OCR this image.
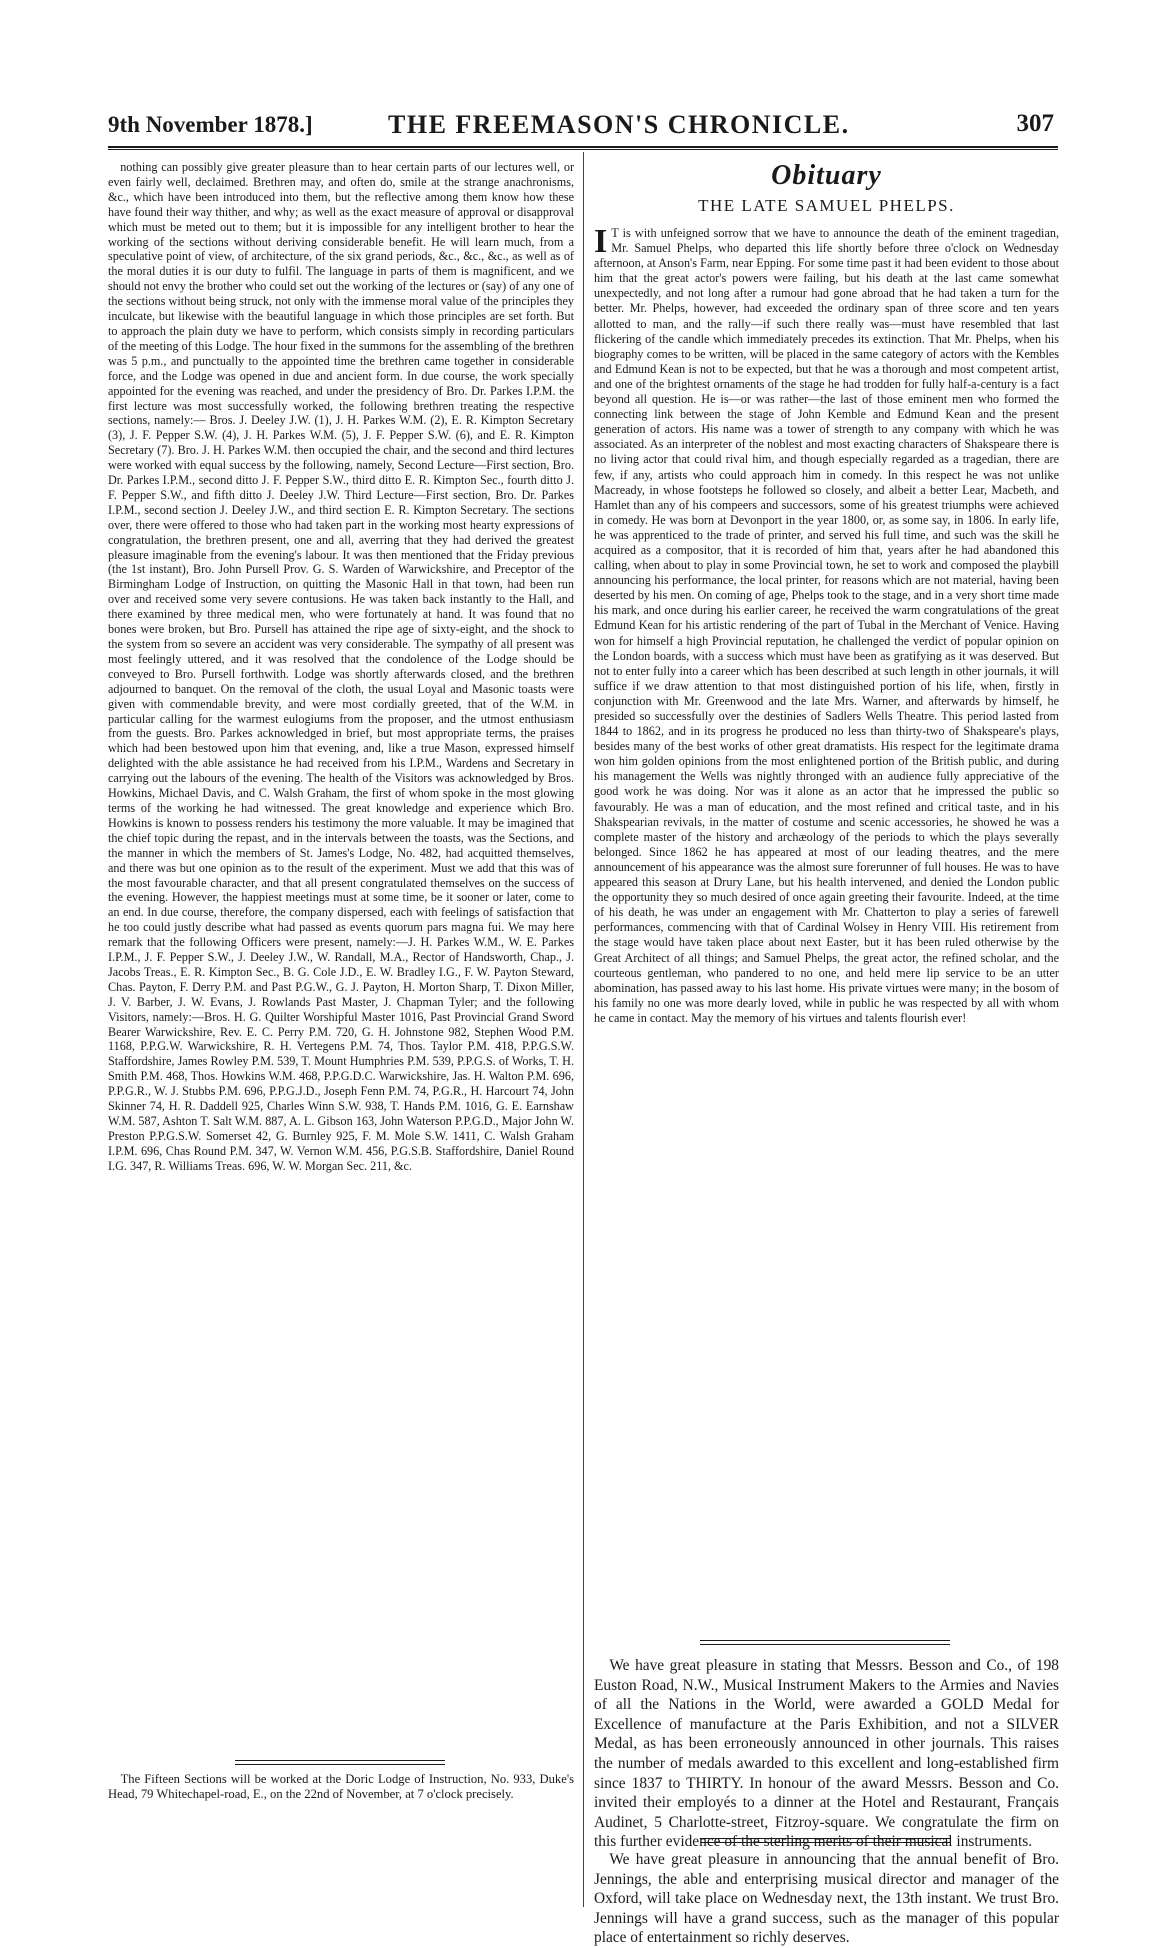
9th November 1878.]	THE FREEMASON'S CHRONICLE.	307

nothing can possibly give greater pleasure than to hear certain parts of our lectures well, or even fairly well, declaimed. Brethren may, and often do, smile at the strange anachronisms, &c., which have been introduced into them, but the reflective among them know how these have found their way thither, and why; as well as the exact measure of approval or disapproval which must be meted out to them; but it is impossible for any intelligent brother to hear the working of the sections without deriving considerable benefit. He will learn much, from a speculative point of view, of architecture, of the six grand periods, &c., &c., &c., as well as of the moral duties it is our duty to fulfil. The language in parts of them is magnificent, and we should not envy the brother who could set out the working of the lectures or (say) of any one of the sections without being struck, not only with the immense moral value of the principles they inculcate, but likewise with the beautiful language in which those principles are set forth. But to approach the plain duty we have to perform, which consists simply in recording particulars of the meeting of this Lodge. The hour fixed in the summons for the assembling of the brethren was 5 p.m., and punctually to the appointed time the brethren came together in considerable force, and the Lodge was opened in due and ancient form. In due course, the work specially appointed for the evening was reached, and under the presidency of Bro. Dr. Parkes I.P.M. the first lecture was most successfully worked, the following brethren treating the respective sections, namely:— Bros. J. Deeley J.W. (1), J. H. Parkes W.M. (2), E. R. Kimpton Secretary (3), J. F. Pepper S.W. (4), J. H. Parkes W.M. (5), J. F. Pepper S.W. (6), and E. R. Kimpton Secretary (7). Bro. J. H. Parkes W.M. then occupied the chair, and the second and third lectures were worked with equal success by the following, namely, Second Lecture—First section, Bro. Dr. Parkes I.P.M., second ditto J. F. Pepper S.W., third ditto E. R. Kimpton Sec., fourth ditto J. F. Pepper S.W., and fifth ditto J. Deeley J.W. Third Lecture—First section, Bro. Dr. Parkes I.P.M., second section J. Deeley J.W., and third section E. R. Kimpton Secretary. The sections over, there were offered to those who had taken part in the working most hearty expressions of congratulation, the brethren present, one and all, averring that they had derived the greatest pleasure imaginable from the evening's labour. It was then mentioned that the Friday previous (the 1st instant), Bro. John Pursell Prov. G. S. Warden of Warwickshire, and Preceptor of the Birmingham Lodge of Instruction, on quitting the Masonic Hall in that town, had been run over and received some very severe contusions. He was taken back instantly to the Hall, and there examined by three medical men, who were fortunately at hand. It was found that no bones were broken, but Bro. Pursell has attained the ripe age of sixty-eight, and the shock to the system from so severe an accident was very considerable. The sympathy of all present was most feelingly uttered, and it was resolved that the condolence of the Lodge should be conveyed to Bro. Pursell forthwith. Lodge was shortly afterwards closed, and the brethren adjourned to banquet. On the removal of the cloth, the usual Loyal and Masonic toasts were given with commendable brevity, and were most cordially greeted, that of the W.M. in particular calling for the warmest eulogiums from the proposer, and the utmost enthusiasm from the guests. Bro. Parkes acknowledged in brief, but most appropriate terms, the praises which had been bestowed upon him that evening, and, like a true Mason, expressed himself delighted with the able assistance he had received from his I.P.M., Wardens and Secretary in carrying out the labours of the evening. The health of the Visitors was acknowledged by Bros. Howkins, Michael Davis, and C. Walsh Graham, the first of whom spoke in the most glowing terms of the working he had witnessed. The great knowledge and experience which Bro. Howkins is known to possess renders his testimony the more valuable. It may be imagined that the chief topic during the repast, and in the intervals between the toasts, was the Sections, and the manner in which the members of St. James's Lodge, No. 482, had acquitted themselves, and there was but one opinion as to the result of the experiment. Must we add that this was of the most favourable character, and that all present congratulated themselves on the success of the evening. However, the happiest meetings must at some time, be it sooner or later, come to an end. In due course, therefore, the company dispersed, each with feelings of satisfaction that he too could justly describe what had passed as events quorum pars magna fui. We may here remark that the following Officers were present, namely:—J. H. Parkes W.M., W. E. Parkes I.P.M., J. F. Pepper S.W., J. Deeley J.W., W. Randall, M.A., Rector of Handsworth, Chap., J. Jacobs Treas., E. R. Kimpton Sec., B. G. Cole J.D., E. W. Bradley I.G., F. W. Payton Steward, Chas. Payton, F. Derry P.M. and Past P.G.W., G. J. Payton, H. Morton Sharp, T. Dixon Miller, J. V. Barber, J. W. Evans, J. Rowlands Past Master, J. Chapman Tyler; and the following Visitors, namely:—Bros. H. G. Quilter Worshipful Master 1016, Past Provincial Grand Sword Bearer Warwickshire, Rev. E. C. Perry P.M. 720, G. H. Johnstone 982, Stephen Wood P.M. 1168, P.P.G.W. Warwickshire, R. H. Vertegens P.M. 74, Thos. Taylor P.M. 418, P.P.G.S.W. Staffordshire, James Rowley P.M. 539, T. Mount Humphries P.M. 539, P.P.G.S. of Works, T. H. Smith P.M. 468, Thos. Howkins W.M. 468, P.P.G.D.C. Warwickshire, Jas. H. Walton P.M. 696, P.P.G.R., W. J. Stubbs P.M. 696, P.P.G.J.D., Joseph Fenn P.M. 74, P.G.R., H. Harcourt 74, John Skinner 74, H. R. Daddell 925, Charles Winn S.W. 938, T. Hands P.M. 1016, G. E. Earnshaw W.M. 587, Ashton T. Salt W.M. 887, A. L. Gibson 163, John Waterson P.P.G.D., Major John W. Preston P.P.G.S.W. Somerset 42, G. Burnley 925, F. M. Mole S.W. 1411, C. Walsh Graham I.P.M. 696, Chas Round P.M. 347, W. Vernon W.M. 456, P.G.S.B. Staffordshire, Daniel Round I.G. 347, R. Williams Treas. 696, W. W. Morgan Sec. 211, &c.

The Fifteen Sections will be worked at the Doric Lodge of Instruction, No. 933, Duke's Head, 79 Whitechapel-road, E., on the 22nd of November, at 7 o'clock precisely.

Obituary
THE LATE SAMUEL PHELPS.

I T is with unfeigned sorrow that we have to announce the death of the eminent tragedian, Mr. Samuel Phelps, who departed this life shortly before three o'clock on Wednesday afternoon, at Anson's Farm, near Epping. For some time past it had been evident to those about him that the great actor's powers were failing, but his death at the last came somewhat unexpectedly, and not long after a rumour had gone abroad that he had taken a turn for the better. Mr. Phelps, however, had exceeded the ordinary span of three score and ten years allotted to man, and the rally—if such there really was—must have resembled that last flickering of the candle which immediately precedes its extinction. That Mr. Phelps, when his biography comes to be written, will be placed in the same category of actors with the Kembles and Edmund Kean is not to be expected, but that he was a thorough and most competent artist, and one of the brightest ornaments of the stage he had trodden for fully half-a-century is a fact beyond all question. He is—or was rather—the last of those eminent men who formed the connecting link between the stage of John Kemble and Edmund Kean and the present generation of actors. His name was a tower of strength to any company with which he was associated. As an interpreter of the noblest and most exacting characters of Shakspeare there is no living actor that could rival him, and though especially regarded as a tragedian, there are few, if any, artists who could approach him in comedy. In this respect he was not unlike Macready, in whose footsteps he followed so closely, and albeit a better Lear, Macbeth, and Hamlet than any of his compeers and successors, some of his greatest triumphs were achieved in comedy. He was born at Devonport in the year 1800, or, as some say, in 1806. In early life, he was apprenticed to the trade of printer, and served his full time, and such was the skill he acquired as a compositor, that it is recorded of him that, years after he had abandoned this calling, when about to play in some Provincial town, he set to work and composed the playbill announcing his performance, the local printer, for reasons which are not material, having been deserted by his men. On coming of age, Phelps took to the stage, and in a very short time made his mark, and once during his earlier career, he received the warm congratulations of the great Edmund Kean for his artistic rendering of the part of Tubal in the Merchant of Venice. Having won for himself a high Provincial reputation, he challenged the verdict of popular opinion on the London boards, with a success which must have been as gratifying as it was deserved. But not to enter fully into a career which has been described at such length in other journals, it will suffice if we draw attention to that most distinguished portion of his life, when, firstly in conjunction with Mr. Greenwood and the late Mrs. Warner, and afterwards by himself, he presided so successfully over the destinies of Sadlers Wells Theatre. This period lasted from 1844 to 1862, and in its progress he produced no less than thirty-two of Shakspeare's plays, besides many of the best works of other great dramatists. His respect for the legitimate drama won him golden opinions from the most enlightened portion of the British public, and during his management the Wells was nightly thronged with an audience fully appreciative of the good work he was doing. Nor was it alone as an actor that he impressed the public so favourably. He was a man of education, and the most refined and critical taste, and in his Shakspearian revivals, in the matter of costume and scenic accessories, he showed he was a complete master of the history and archæology of the periods to which the plays severally belonged. Since 1862 he has appeared at most of our leading theatres, and the mere announcement of his appearance was the almost sure forerunner of full houses. He was to have appeared this season at Drury Lane, but his health intervened, and denied the London public the opportunity they so much desired of once again greeting their favourite. Indeed, at the time of his death, he was under an engagement with Mr. Chatterton to play a series of farewell performances, commencing with that of Cardinal Wolsey in Henry VIII. His retirement from the stage would have taken place about next Easter, but it has been ruled otherwise by the Great Architect of all things; and Samuel Phelps, the great actor, the refined scholar, and the courteous gentleman, who pandered to no one, and held mere lip service to be an utter abomination, has passed away to his last home. His private virtues were many; in the bosom of his family no one was more dearly loved, while in public he was respected by all with whom he came in contact. May the memory of his virtues and talents flourish ever!

We have great pleasure in stating that Messrs. Besson and Co., of 198 Euston Road, N.W., Musical Instrument Makers to the Armies and Navies of all the Nations in the World, were awarded a GOLD Medal for Excellence of manufacture at the Paris Exhibition, and not a SILVER Medal, as has been erroneously announced in other journals. This raises the number of medals awarded to this excellent and long-established firm since 1837 to THIRTY. In honour of the award Messrs. Besson and Co. invited their employés to a dinner at the Hotel and Restaurant, Français Audinet, 5 Charlotte-street, Fitzroy-square. We congratulate the firm on this further evidence of the sterling merits of their musical instruments.

We have great pleasure in announcing that the annual benefit of Bro. Jennings, the able and enterprising musical director and manager of the Oxford, will take place on Wednesday next, the 13th instant. We trust Bro. Jennings will have a grand success, such as the manager of this popular place of entertainment so richly deserves.
